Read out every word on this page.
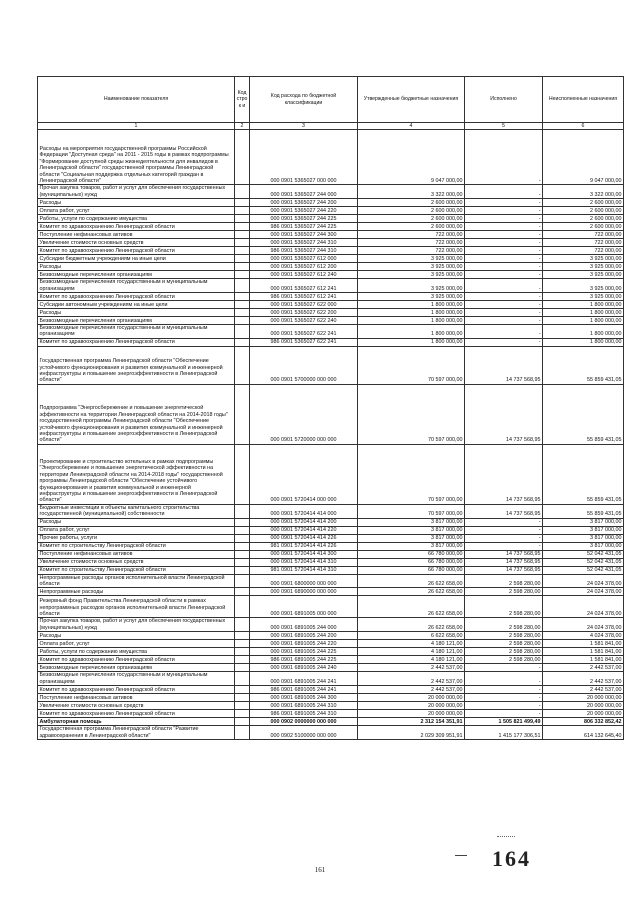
Наименование показателя	Код строк и	Код расхода по бюджетной классификации	Утвержденные бюджетные назначения	Исполнено	Неисполненные назначения
1	2	3	4	5	6
Расходы на мероприятия государственной программы Российской Федерации "Доступная среда" на 2011 - 2015 годы в рамках подпрограммы "Формирование доступной среды жизнедеятельности для инвалидов в Ленинградской области" государственной программы Ленинградской области "Социальная поддержка отдельных категорий граждан в Ленинградской области"		000 0901 5365027 000 000	9 047 000,00	-	9 047 000,00
Прочая закупка товаров, работ и услуг для обеспечения государственных (муниципальных) нужд		000 0901 5365027 244 000	3 322 000,00	-	3 322 000,00
Расходы		000 0901 5365027 244 200	2 600 000,00	-	2 600 000,00
Оплата работ, услуг		000 0901 5365027 244 220	2 600 000,00	-	2 600 000,00
Работы, услуги по содержанию имущества		000 0901 5365027 244 225	2 600 000,00	-	2 600 000,00
Комитет по здравоохранению Ленинградской области		986 0901 5365027 244 225	2 600 000,00	-	2 600 000,00
Поступление нефинансовых активов		000 0901 5365027 244 300	722 000,00	-	722 000,00
Увеличение стоимости основных средств		000 0901 5365027 244 310	722 000,00	-	722 000,00
Комитет по здравоохранению Ленинградской области		986 0901 5365027 244 310	722 000,00	-	722 000,00
Субсидии бюджетным учреждениям на иные цели		000 0901 5365027 612 000	3 925 000,00	-	3 925 000,00
Расходы		000 0901 5365027 612 200	3 925 000,00	-	3 925 000,00
Безвозмездные перечисления организациям		000 0901 5365027 612 240	3 925 000,00	-	3 925 000,00
Безвозмездные перечисления государственным и муниципальным организациям		000 0901 5365027 612 241	3 925 000,00	-	3 925 000,00
Комитет по здравоохранению Ленинградской области		986 0901 5365027 612 241	3 925 000,00	-	3 925 000,00
Субсидии автономным учреждениям на иные цели		000 0901 5365027 622 000	1 800 000,00	-	1 800 000,00
Расходы		000 0901 5365027 622 200	1 800 000,00	-	1 800 000,00
Безвозмездные перечисления организациям		000 0901 5365027 622 240	1 800 000,00	-	1 800 000,00
Безвозмездные перечисления государственным и муниципальным организациям		000 0901 5365027 622 241	1 800 000,00	-	1 800 000,00
Комитет по здравоохранению Ленинградской области		986 0901 5365027 622 241	1 800 000,00	-	1 800 000,00
Государственная программа Ленинградской области "Обеспечение устойчивого функционирования и развития коммунальной и инженерной инфраструктуры и повышение энергоэффективности в Ленинградской области"		000 0901 5700000 000 000	70 597 000,00	14 737 568,95	55 859 431,05
Подпрограмма "Энергосбережение и повышение энергетической эффективности на территории Ленинградской области на 2014-2018 годы" государственной программы Ленинградской области "Обеспечение устойчивого функционирования и развития коммунальной и инженерной инфраструктуры и повышение энергоэффективности в Ленинградской области"		000 0901 5720000 000 000	70 597 000,00	14 737 568,95	55 859 431,05
Проектирование и строительство котельных в рамках подпрограммы "Энергосбережение и повышение энергетической эффективности на территории Ленинградской области на 2014-2018 годы" государственной программы Ленинградской области "Обеспечение устойчивого функционирования и развития коммунальной и инженерной инфраструктуры и повышение энергоэффективности в Ленинградской области"		000 0901 5720414 000 000	70 597 000,00	14 737 568,95	55 859 431,05
Бюджетные инвестиции в объекты капитального строительства государственной (муниципальной) собственности		000 0901 5720414 414 000	70 597 000,00	14 737 568,95	55 859 431,05
Расходы		000 0901 5720414 414 200	3 817 000,00	-	3 817 000,00
Оплата работ, услуг		000 0901 5720414 414 220	3 817 000,00	-	3 817 000,00
Прочие работы, услуги		000 0901 5720414 414 226	3 817 000,00	-	3 817 000,00
Комитет по строительству Ленинградской области		981 0901 5720414 414 226	3 817 000,00	-	3 817 000,00
Поступление нефинансовых активов		000 0901 5720414 414 300	66 780 000,00	14 737 568,95	52 042 431,05
Увеличение стоимости основных средств		000 0901 5720414 414 310	66 780 000,00	14 737 568,95	52 042 431,05
Комитет по строительству Ленинградской области		981 0901 5720414 414 310	66 780 000,00	14 737 568,95	52 042 431,05
Непрограммные расходы органов исполнительной власти Ленинградской области		000 0901 6800000 000 000	26 622 658,00	2 598 280,00	24 024 378,00
Непрограммные расходы		000 0901 6890000 000 000	26 622 658,00	2 598 280,00	24 024 378,00
Резервный фонд Правительства Ленинградской области в рамках непрограммных расходов органов исполнительной власти Ленинградской области		000 0901 6891005 000 000	26 622 658,00	2 598 280,00	24 024 378,00
Прочая закупка товаров, работ и услуг для обеспечения государственных (муниципальных) нужд		000 0901 6891005 244 000	26 622 658,00	2 598 280,00	24 024 378,00
Расходы		000 0901 6891005 244 200	6 622 658,00	2 598 280,00	4 024 378,00
Оплата работ, услуг		000 0901 6891005 244 220	4 180 121,00	2 598 280,00	1 581 841,00
Работы, услуги по содержанию имущества		000 0901 6891005 244 225	4 180 121,00	2 598 280,00	1 581 841,00
Комитет по здравоохранению Ленинградской области		986 0901 6891005 244 225	4 180 121,00	2 598 280,00	1 581 841,00
Безвозмездные перечисления организациям		000 0901 6891005 244 240	2 442 537,00	-	2 442 537,00
Безвозмездные перечисления государственным и муниципальным организациям		000 0901 6891005 244 241	2 442 537,00	-	2 442 537,00
Комитет по здравоохранению Ленинградской области		986 0901 6891005 244 241	2 442 537,00	-	2 442 537,00
Поступление нефинансовых активов		000 0901 6891005 244 300	20 000 000,00	-	20 000 000,00
Увеличение стоимости основных средств		000 0901 6891005 244 310	20 000 000,00	-	20 000 000,00
Комитет по здравоохранению Ленинградской области		986 0901 6891005 244 310	20 000 000,00	-	20 000 000,00
Амбулаторная помощь		000 0902 0000000 000 000	2 312 154 351,91	1 505 821 499,49	806 332 852,42
Государственная программа Ленинградской области "Развитие здравоохранения в Ленинградской области"		000 0902 5100000 000 000	2 029 309 951,91	1 415 177 306,51	614 132 645,40
164
161
